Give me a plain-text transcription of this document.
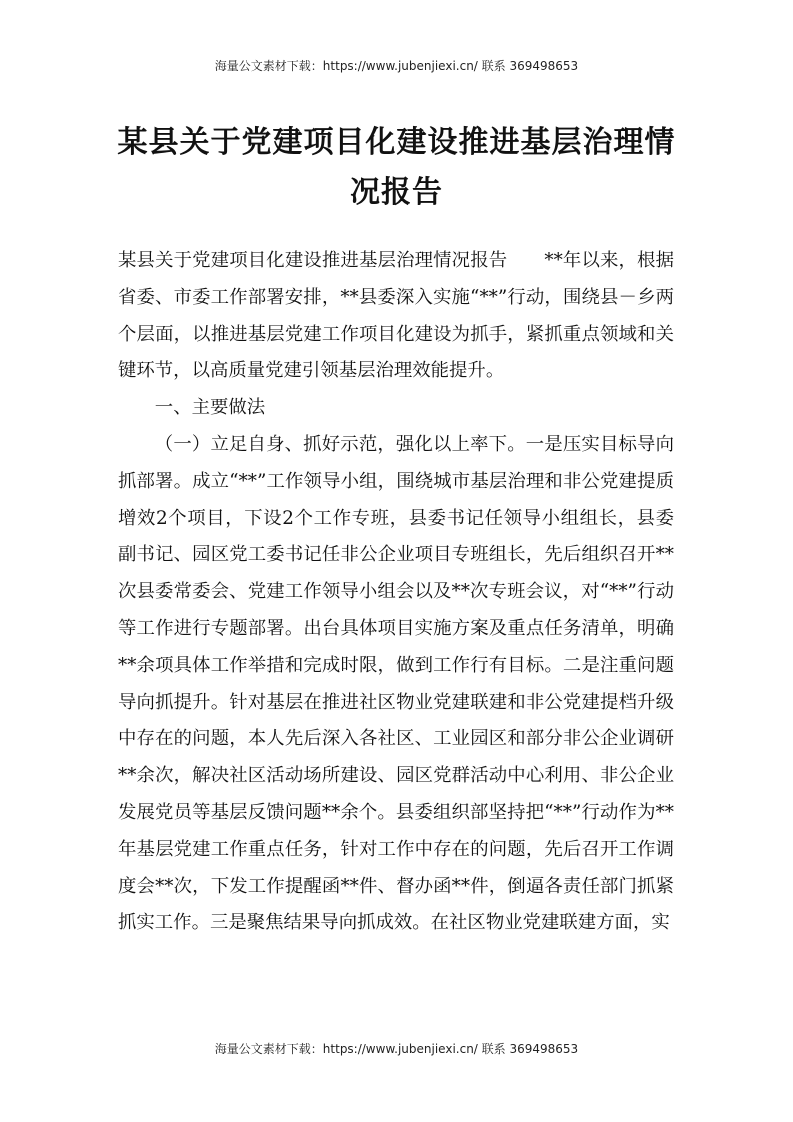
海量公文素材下载：https://www.jubenjiexi.cn/ 联系 369498653
某县关于党建项目化建设推进基层治理情况报告

某县关于党建项目化建设推进基层治理情况报告　　**年以来，根据省委、市委工作部署安排，**县委深入实施“**”行动，围绕县－乡两个层面，以推进基层党建工作项目化建设为抓手，紧抓重点领域和关键环节，以高质量党建引领基层治理效能提升。

一、主要做法

（一）立足自身、抓好示范，强化以上率下。一是压实目标导向抓部署。成立“**”工作领导小组，围绕城市基层治理和非公党建提质增效2个项目，下设2个工作专班，县委书记任领导小组组长，县委副书记、园区党工委书记任非公企业项目专班组长，先后组织召开**次县委常委会、党建工作领导小组会以及**次专班会议，对“**”行动等工作进行专题部署。出台具体项目实施方案及重点任务清单，明确**余项具体工作举措和完成时限，做到工作行有目标。二是注重问题导向抓提升。针对基层在推进社区物业党建联建和非公党建提档升级中存在的问题，本人先后深入各社区、工业园区和部分非公企业调研**余次，解决社区活动场所建设、园区党群活动中心利用、非公企业发展党员等基层反馈问题**余个。县委组织部坚持把“**”行动作为**年基层党建工作重点任务，针对工作中存在的问题，先后召开工作调度会**次，下发工作提醒函**件、督办函**件，倒逼各责任部门抓紧抓实工作。三是聚焦结果导向抓成效。在社区物业党建联建方面，实

海量公文素材下载：https://www.jubenjiexi.cn/ 联系 369498653
